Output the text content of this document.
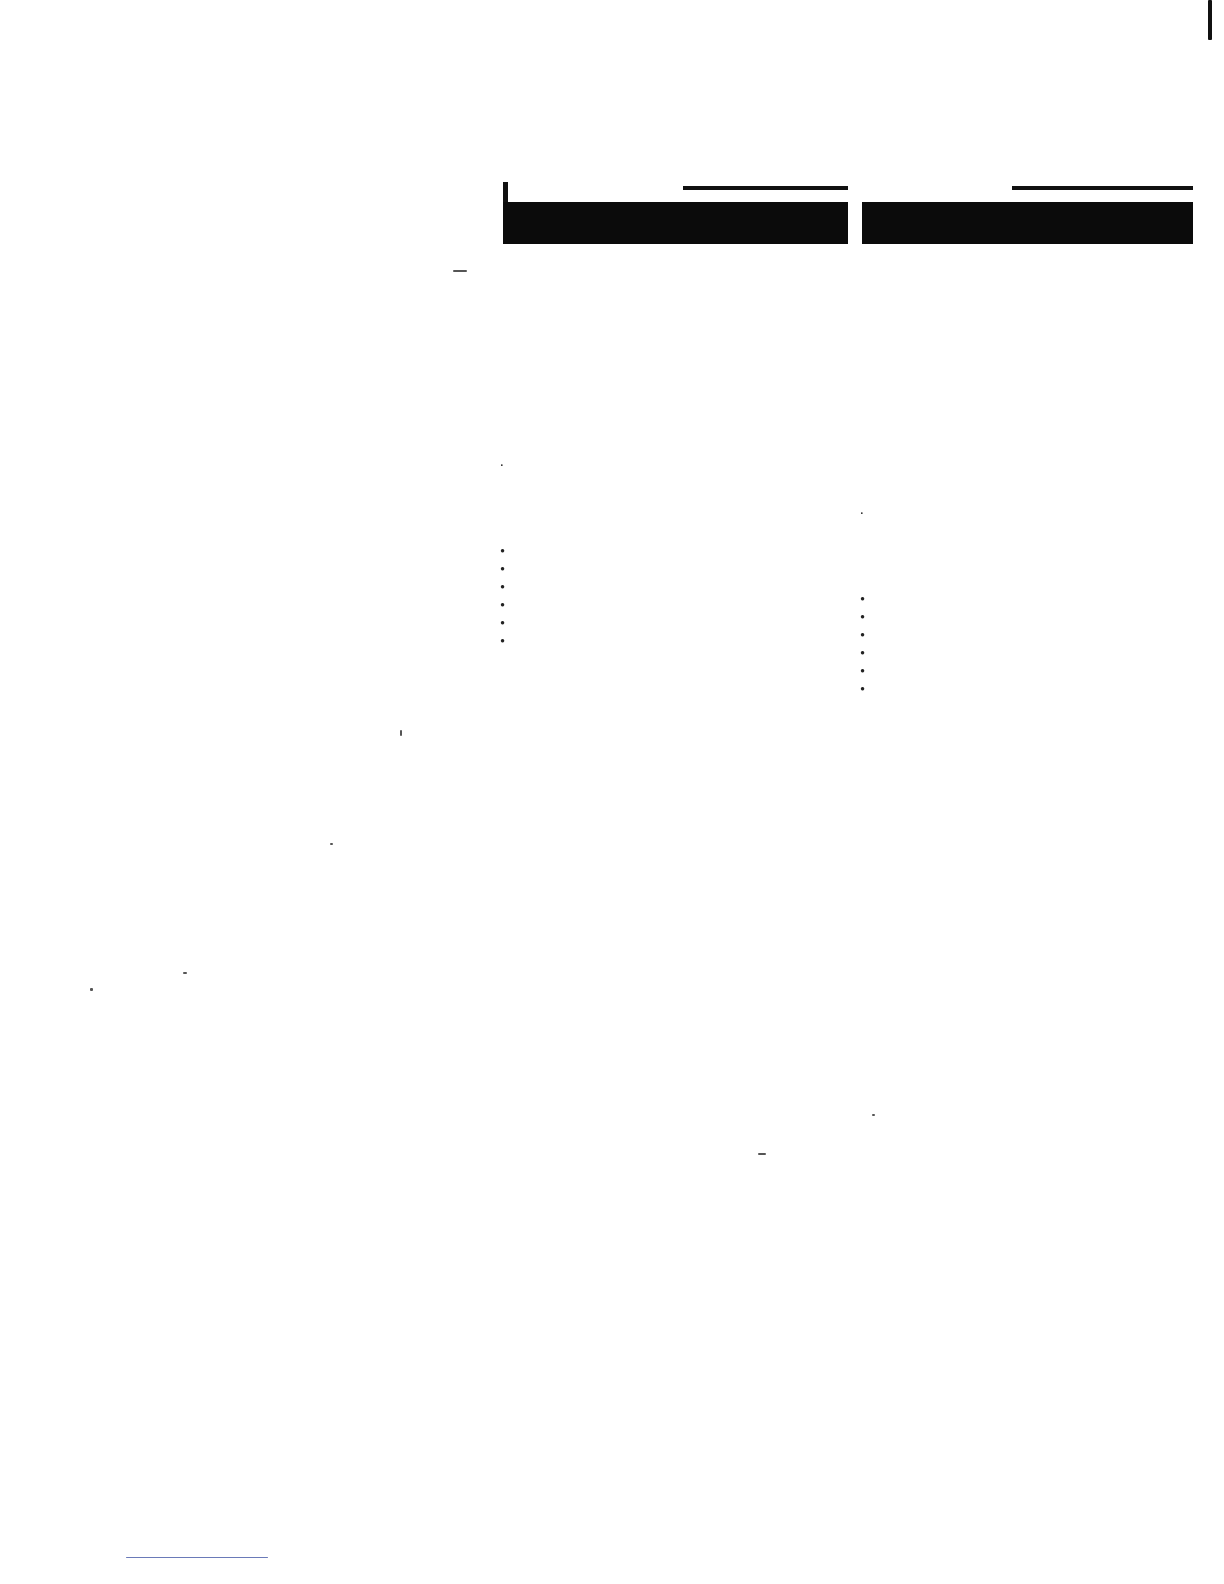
.

•
•

•
•
•
•

.

•
•

•
•
•
•
